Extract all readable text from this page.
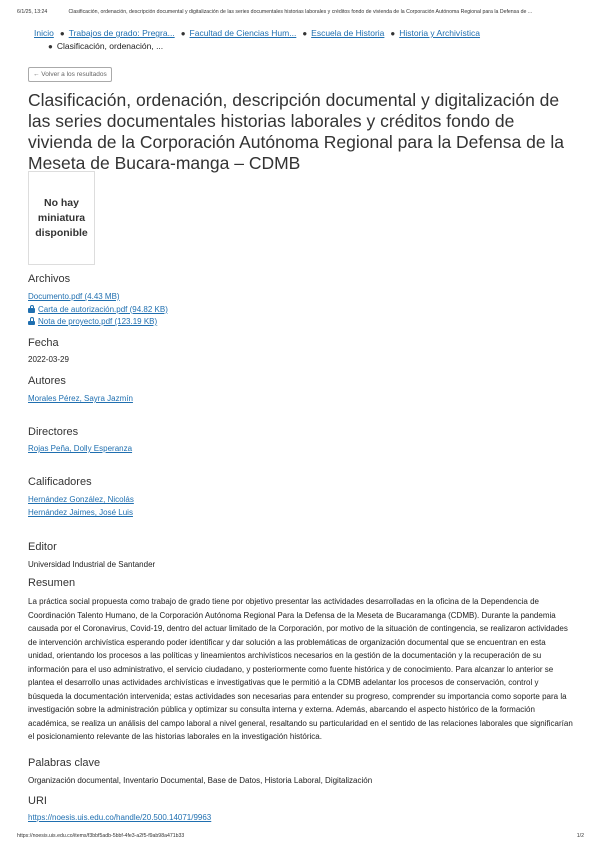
6/1/25, 13:24	Clasificación, ordenación, descripción documental y digitalización de las series documentales historias laborales y créditos fondo de vivienda de la Corporación Autónoma Regional para la Defensa de ...
Inicio ● Trabajos de grado: Pregra... ● Facultad de Ciencias Hum... ● Escuela de Historia ● Historia y Archivística
● Clasificación, ordenación, ...
← Volver a los resultados
Clasificación, ordenación, descripción documental y digitalización de las series documentales historias laborales y créditos fondo de vivienda de la Corporación Autónoma Regional para la Defensa de la Meseta de Bucara-manga – CDMB
No hay
miniatura
disponible
Archivos
Documento.pdf (4.43 MB)
Carta de autorización.pdf (94.82 KB)
Nota de proyecto.pdf (123.19 KB)
Fecha
2022-03-29
Autores
Morales Pérez, Sayra Jazmín
Directores
Rojas Peña, Dolly Esperanza
Calificadores
Hernández González, Nicolás
Hernández Jaimes, José Luis
Editor
Universidad Industrial de Santander
Resumen

La práctica social propuesta como trabajo de grado tiene por objetivo presentar las actividades desarrolladas en la oficina de la Dependencia de Coordinación Talento Humano, de la Corporación Autónoma Regional Para la Defensa de la Meseta de Bucaramanga (CDMB). Durante la pandemia causada por el Coronavirus, Covid-19, dentro del actuar limitado de la Corporación, por motivo de la situación de contingencia, se realizaron actividades de intervención archivística esperando poder identificar y dar solución a las problemáticas de organización documental que se encuentran en esta unidad, orientando los procesos a las políticas y lineamientos archivísticos necesarios en la gestión de la documentación y la recuperación de su información para el uso administrativo, el servicio ciudadano, y posteriormente como fuente histórica y de conocimiento. Para alcanzar lo anterior se plantea el desarrollo unas actividades archivísticas e investigativas que le permitió a la CDMB adelantar los procesos de conservación, control y búsqueda la documentación intervenida; estas actividades son necesarias para entender su progreso, comprender su importancia como soporte para la investigación sobre la administración pública y optimizar su consulta interna y externa. Además, abarcando el aspecto histórico de la formación académica, se realiza un análisis del campo laboral a nivel general, resaltando su particularidad en el sentido de las relaciones laborales que significarían el posicionamiento relevante de las historias laborales en la investigación histórica.

Palabras clave
Organización documental, Inventario Documental, Base de Datos, Historia Laboral, Digitalización
URI
https://noesis.uis.edu.co/handle/20.500.14071/9963
https://noesis.uis.edu.co/items/f3bbf5adb-5bbf-4fe3-a2f5-f9ab98a471b33	1/2
